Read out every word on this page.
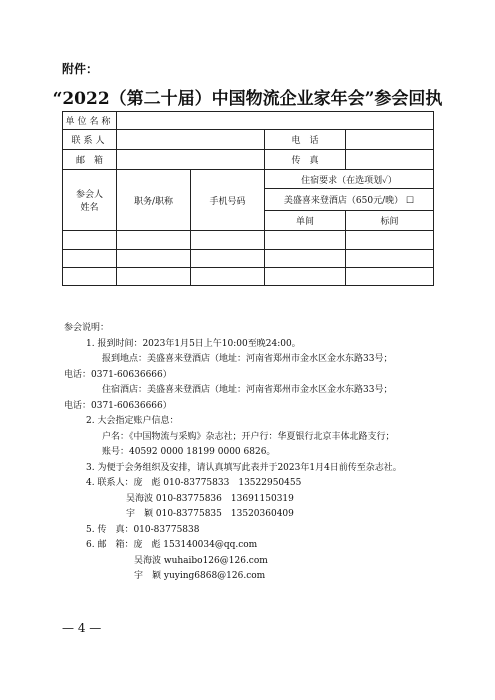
附件：
“2022（第二十届）中国物流企业家年会”参会回执
单位名称				
联系人			电　话	
邮　箱			传　真	

参会人
姓名	职务/职称	手机号码	住宿要求（在选项划✓）	
			美盛喜来登酒店（650元/晚） ☐	
			单间	标间

参会说明：
1. 报到时间：2023年1月5日上午10:00至晚24:00。
报到地点：美盛喜来登酒店（地址：河南省郑州市金水区金水东路33号；
电话：0371-60636666）
住宿酒店：美盛喜来登酒店（地址：河南省郑州市金水区金水东路33号；
电话：0371-60636666）
2. 大会指定账户信息：
户名：《中国物流与采购》杂志社；开户行：华夏银行北京丰体北路支行；
账号：40592 0000 18199 0000 6826。
3. 为便于会务组织及安排，请认真填写此表并于2023年1月4日前传至杂志社。
4. 联系人：庞　彪 010-83775833　13522950455
吴海波 010-83775836　13691150319
宇　颖 010-83775835　13520360409
5. 传　真：010-83775838
6. 邮　箱：庞　彪 153140034@qq.com
吴海波 wuhaibo126@126.com
宇　颖 yuying6868@126.com
— 4 —
